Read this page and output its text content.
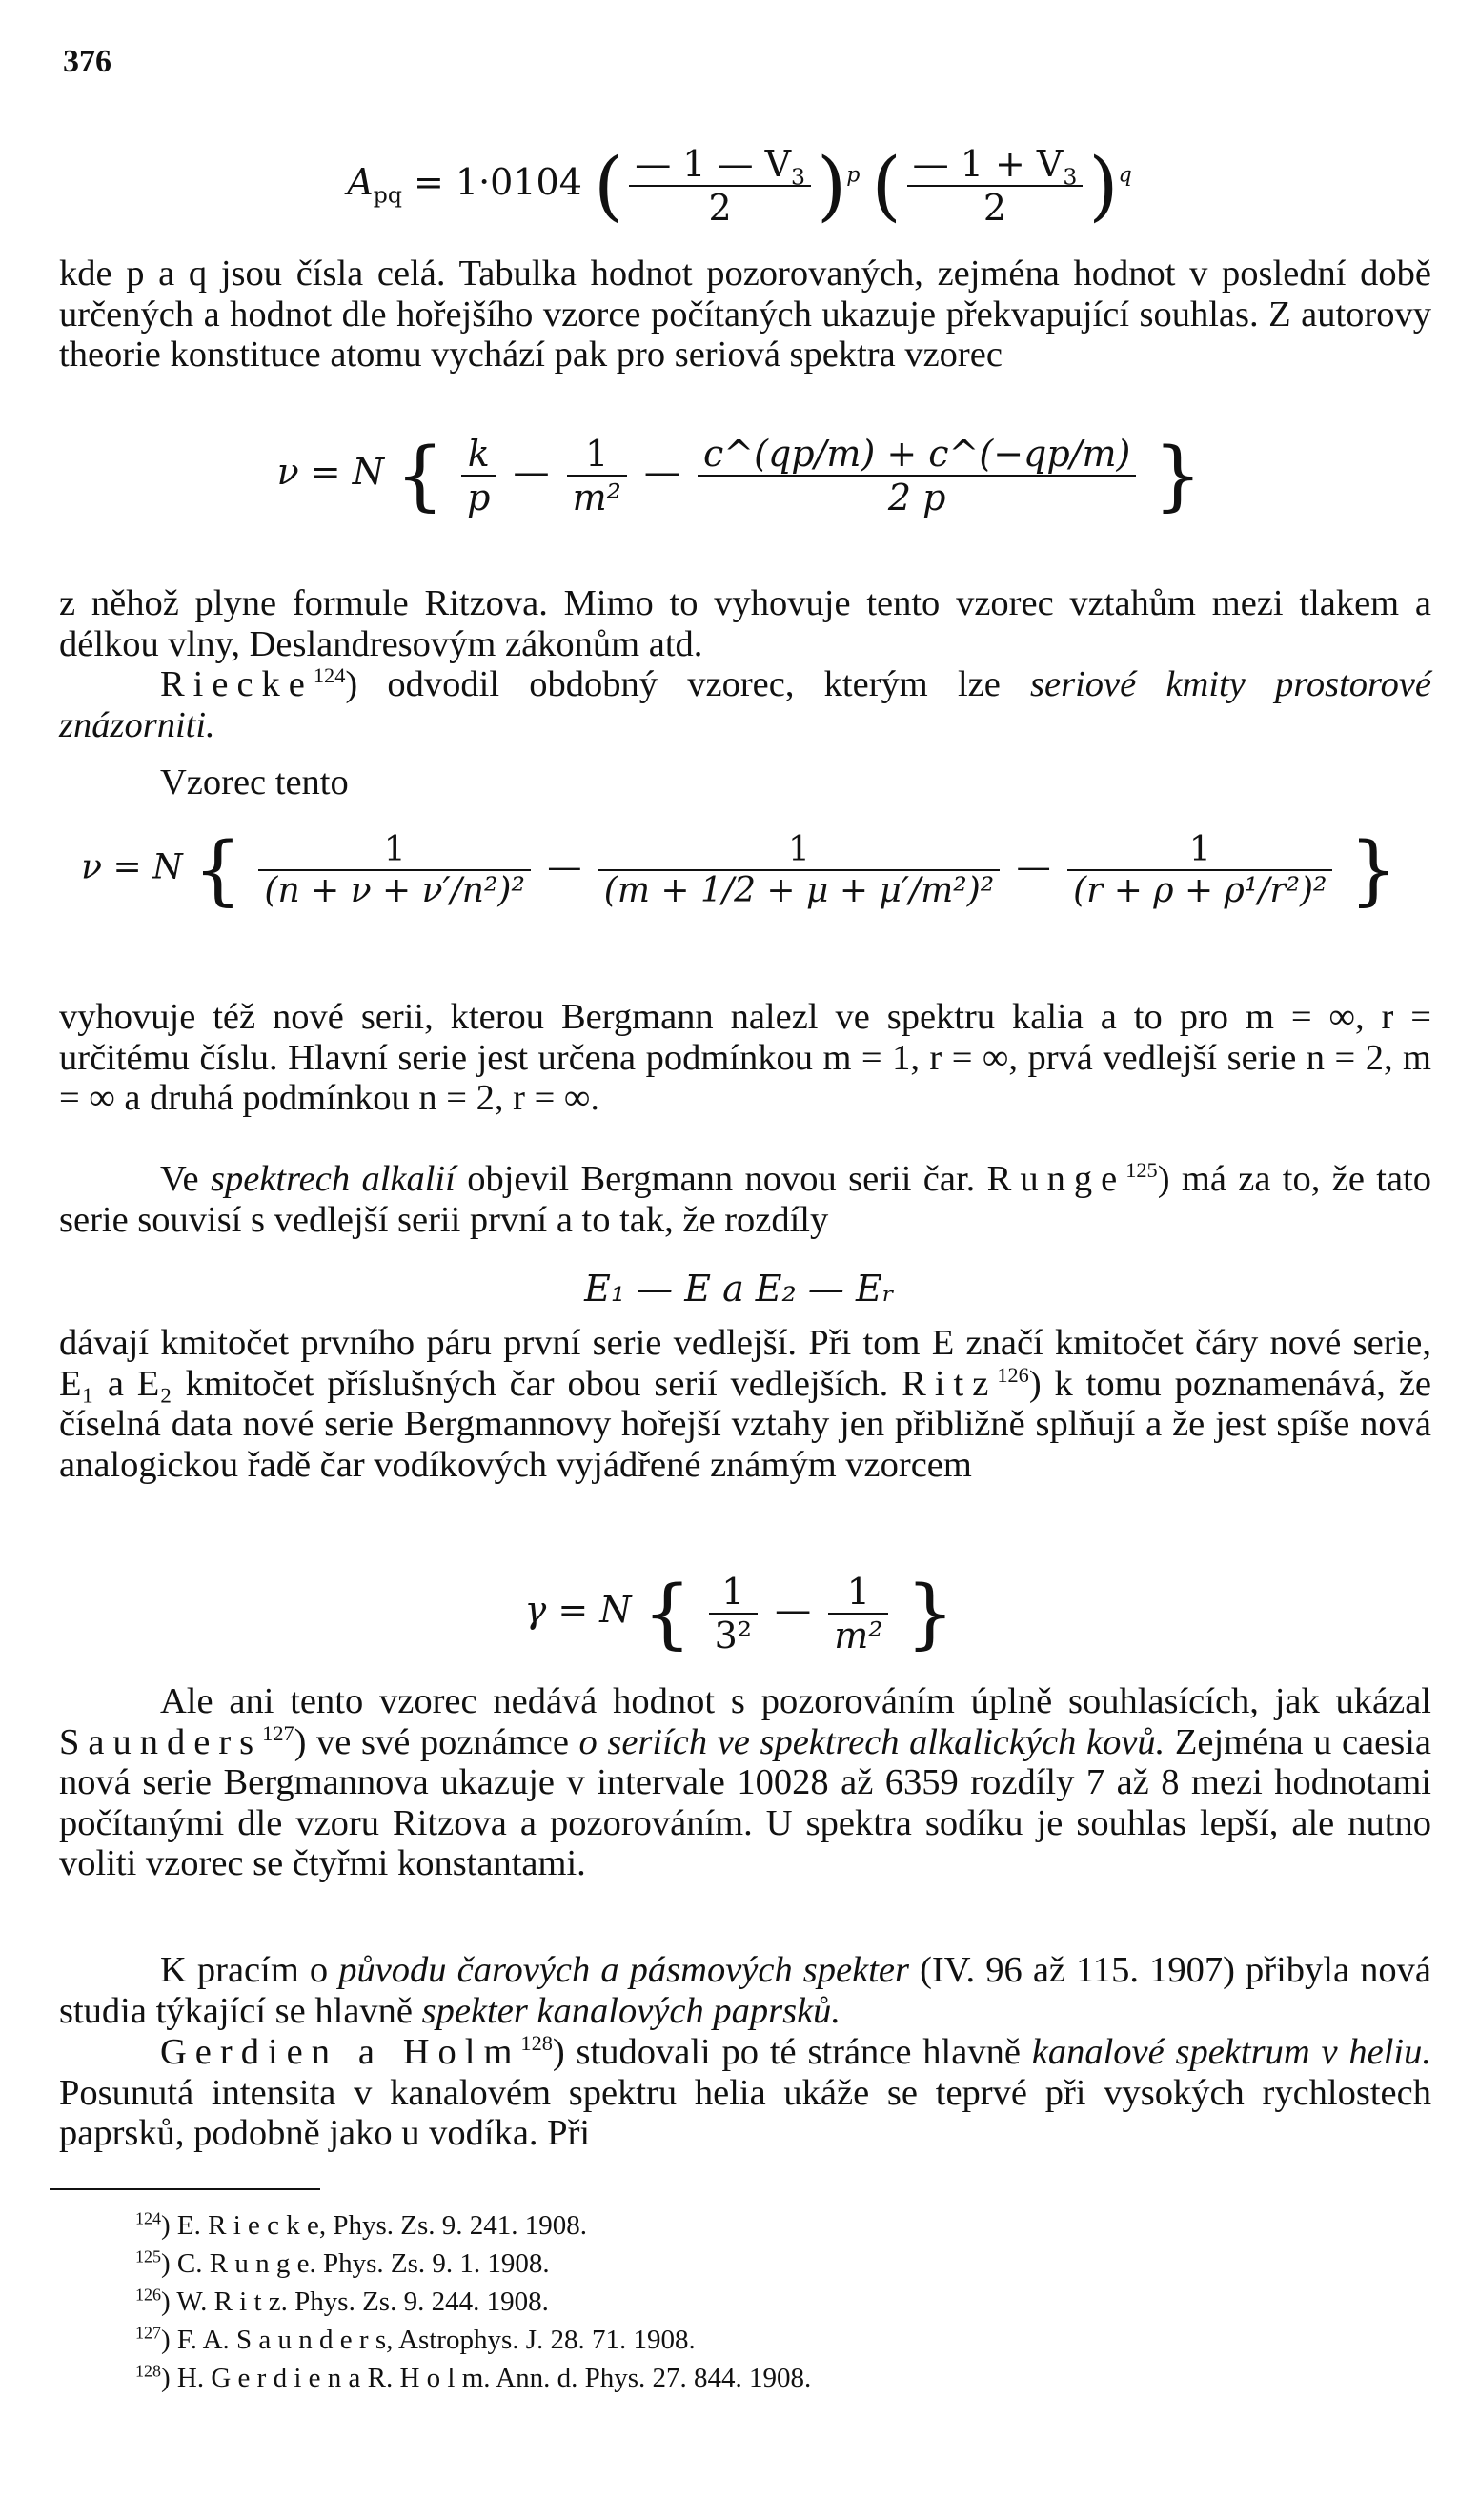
376
$A_{pq} = 1\cdot 0104$ ( $\frac{— 1 — V_3}{2} )^p$ ( $\frac{— 1 + V_3}{2} )^q$

kde p a q jsou čísla celá. Tabulka hodnot pozorovaných, zejména hodnot v poslední době určených a hodnot dle hořejšího vzorce počítaných ukazuje překvapující souhlas. Z autorovy theorie konstituce atomu vychází pak pro seriová spektra vzorec

ν = N { $\frac{k}{p}$ — $\frac{1}{\text{m²}}$ — $\frac{c\^{}(qp/m) + c\^{}(-qp/m)}{2 p}$ }

z něhož plyne formule Ritzova. Mimo to vyhovuje tento vzorec vztahům mezi tlakem a délkou vlny, Deslandresovým zákonům atd.

Riecke$^{124}$) odvodil obdobný vzorec, kterým lze seriové kmity prostorové znázorniti.

Vzorec tento

ν = N { $\frac{1}{\text{(n + ν + ν′/n²)²}}$ — $\frac{1}{\text{(m + 1/2 + μ + μ′/m²)²}}$ — $\frac{1}{\text{(r + ρ + ρ¹/r²)²}}$ }

vyhovuje též nové serii, kterou Bergmann nalezl ve spektru kalia a to pro m = ∞, r = určitému číslu. Hlavní serie jest určena podmínkou m = 1, r = ∞, prvá vedlejší serie n = 2, m = ∞ a druhá podmínkou n = 2, r = ∞.

Ve spektrech alkalií objevil Bergmann novou serii čar. Runge$^{125}$) má za to, že tato serie souvisí s vedlejší serii první a to tak, že rozdíly

E₁ — E a E₂ — Eᵣ

dávají kmitočet prvního páru první serie vedlejší. Při tom E značí kmitočet čáry nové serie, E₁ a E₂ kmitočet příslušných čar obou serií vedlejších. Ritz$^{126}$) k tomu poznamenává, že číselná data nové serie Bergmannovy hořejší vztahy jen přibližně splňují a že jest spíše nová analogickou řadě čar vodíkových vyjádřené známým vzorcem

γ = N { $\frac{1}{\text{3²}}$ — $\frac{1}{\text{m²}}$ }

Ale ani tento vzorec nedává hodnot s pozorováním úplně souhlasících, jak ukázal Saunders$^{127}$) ve své poznámce o seriích ve spektrech alkalických kovů. Zejména u caesia nová serie Bergmannova ukazuje v intervale 10028 až 6359 rozdíly 7 až 8 mezi hodnotami počítanými dle vzoru Ritzova a pozorováním. U spektra sodíku je souhlas lepší, ale nutno voliti vzorec se čtyřmi konstantami.

K pracím o původu čarových a pásmových spekter (IV. 96 až 115. 1907) přibyla nová studia týkající se hlavně spekter kanalových paprsků.

Gerdien a Holm$^{128}$) studovali po té stránce hlavně kanalové spektrum v heliu. Posunutá intensita v kanalovém spektru helia ukáže se teprvé při vysokých rychlostech paprsků, podobně jako u vodíka. Při

$^{124}$) E. R i e c k e, Phys. Zs. 9. 241. 1908.
$^{125}$) C. R u n g e. Phys. Zs. 9. 1. 1908.
$^{126}$) W. R i t z. Phys. Zs. 9. 244. 1908.
$^{127}$) F. A. S a u n d e r s, Astrophys. J. 28. 71. 1908.
$^{128}$) H. G e r d i e n a R. H o l m. Ann. d. Phys. 27. 844. 1908.
